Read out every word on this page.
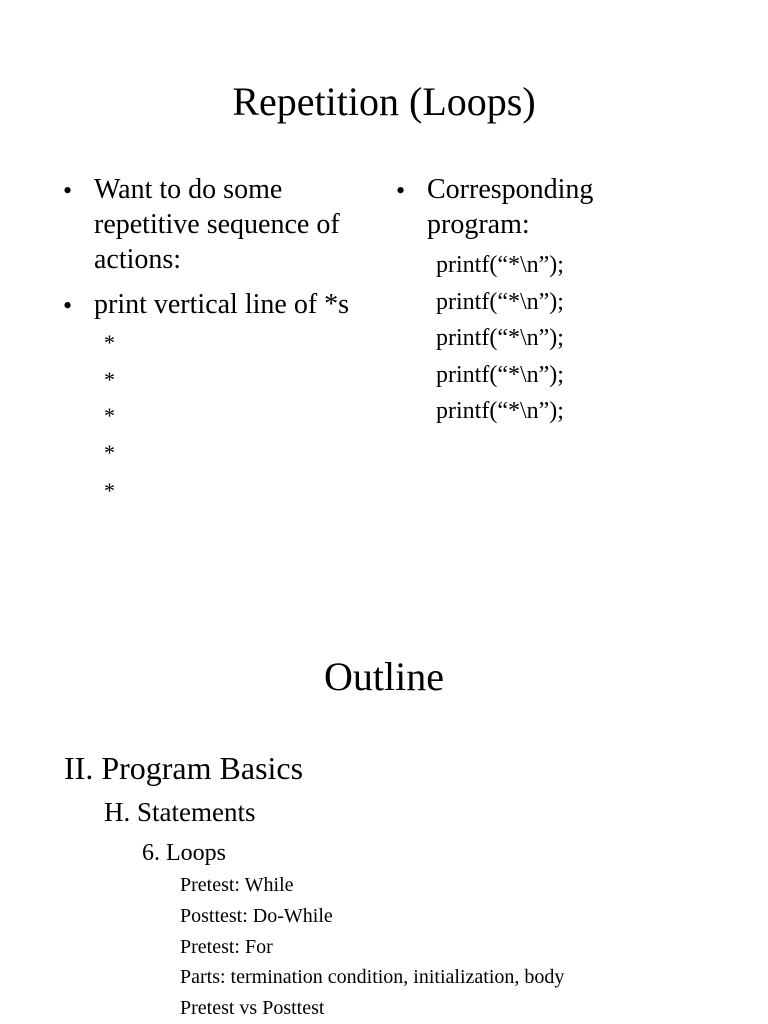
Repetition (Loops)
• Want to do some
repetitive sequence of
actions:
• print vertical line of *s
*
*
*
*
*
• Corresponding
program:
printf(“*\n”);
printf(“*\n”);
printf(“*\n”);
printf(“*\n”);
printf(“*\n”);
Outline
II. Program Basics
H. Statements
6. Loops
Pretest: While
Posttest: Do-While
Pretest: For
Parts: termination condition, initialization, body
Pretest vs Posttest
